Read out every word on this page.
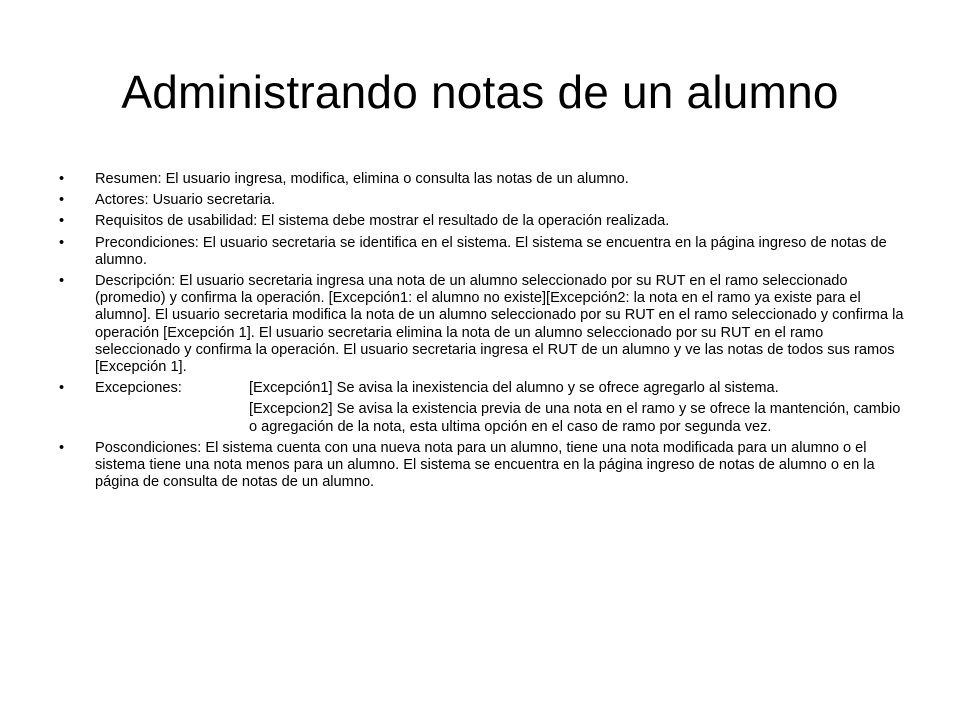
Administrando notas de un alumno
• Resumen: El usuario ingresa, modifica, elimina o consulta las notas de un alumno.
• Actores: Usuario secretaria.
• Requisitos de usabilidad: El sistema debe mostrar el resultado de la operación realizada.
• Precondiciones: El usuario secretaria se identifica en el sistema. El sistema se encuentra en la página ingreso de notas de alumno.
• Descripción: El usuario secretaria ingresa una nota de un alumno seleccionado por su RUT en el ramo seleccionado (promedio) y confirma la operación. [Excepción1: el alumno no existe][Excepción2: la nota en el ramo ya existe para el alumno]. El usuario secretaria modifica la nota de un alumno seleccionado por su RUT en el ramo seleccionado y confirma la operación [Excepción 1]. El usuario secretaria elimina la nota de un alumno seleccionado por su RUT en el ramo seleccionado y confirma la operación. El usuario secretaria ingresa el RUT de un alumno y ve las notas de todos sus ramos [Excepción 1].
• Excepciones:	[Excepción1] Se avisa la inexistencia del alumno y se ofrece agregarlo al sistema.
[Excepcion2] Se avisa la existencia previa de una nota en el ramo y se ofrece la mantención, cambio o agregación de la nota, esta ultima opción en el caso de ramo por segunda vez.
• Poscondiciones: El sistema cuenta con una nueva nota para un alumno, tiene una nota modificada para un alumno o el sistema tiene una nota menos para un alumno. El sistema se encuentra en la página ingreso de notas de alumno o en la página de consulta de notas de un alumno.
